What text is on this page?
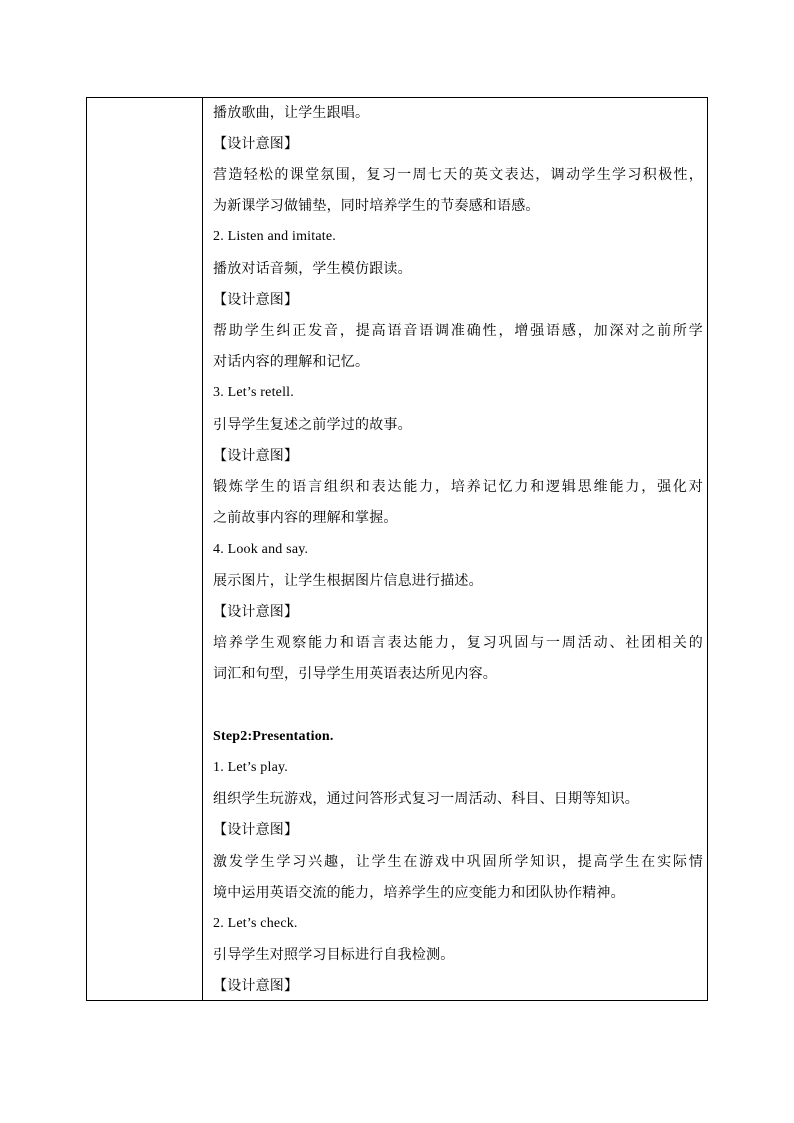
播放歌曲，让学生跟唱。
【设计意图】
营造轻松的课堂氛围，复习一周七天的英文表达，调动学生学习积极性，
为新课学习做铺垫，同时培养学生的节奏感和语感。
2. Listen and imitate.
播放对话音频，学生模仿跟读。
【设计意图】
帮助学生纠正发音，提高语音语调准确性，增强语感，加深对之前所学
对话内容的理解和记忆。
3. Let’s retell.
引导学生复述之前学过的故事。
【设计意图】
锻炼学生的语言组织和表达能力，培养记忆力和逻辑思维能力，强化对
之前故事内容的理解和掌握。
4. Look and say.
展示图片，让学生根据图片信息进行描述。
【设计意图】
培养学生观察能力和语言表达能力，复习巩固与一周活动、社团相关的
词汇和句型，引导学生用英语表达所见内容。
Step2:Presentation.
1. Let’s play.
组织学生玩游戏，通过问答形式复习一周活动、科目、日期等知识。
【设计意图】
激发学生学习兴趣，让学生在游戏中巩固所学知识，提高学生在实际情
境中运用英语交流的能力，培养学生的应变能力和团队协作精神。
2. Let’s check.
引导学生对照学习目标进行自我检测。
【设计意图】
